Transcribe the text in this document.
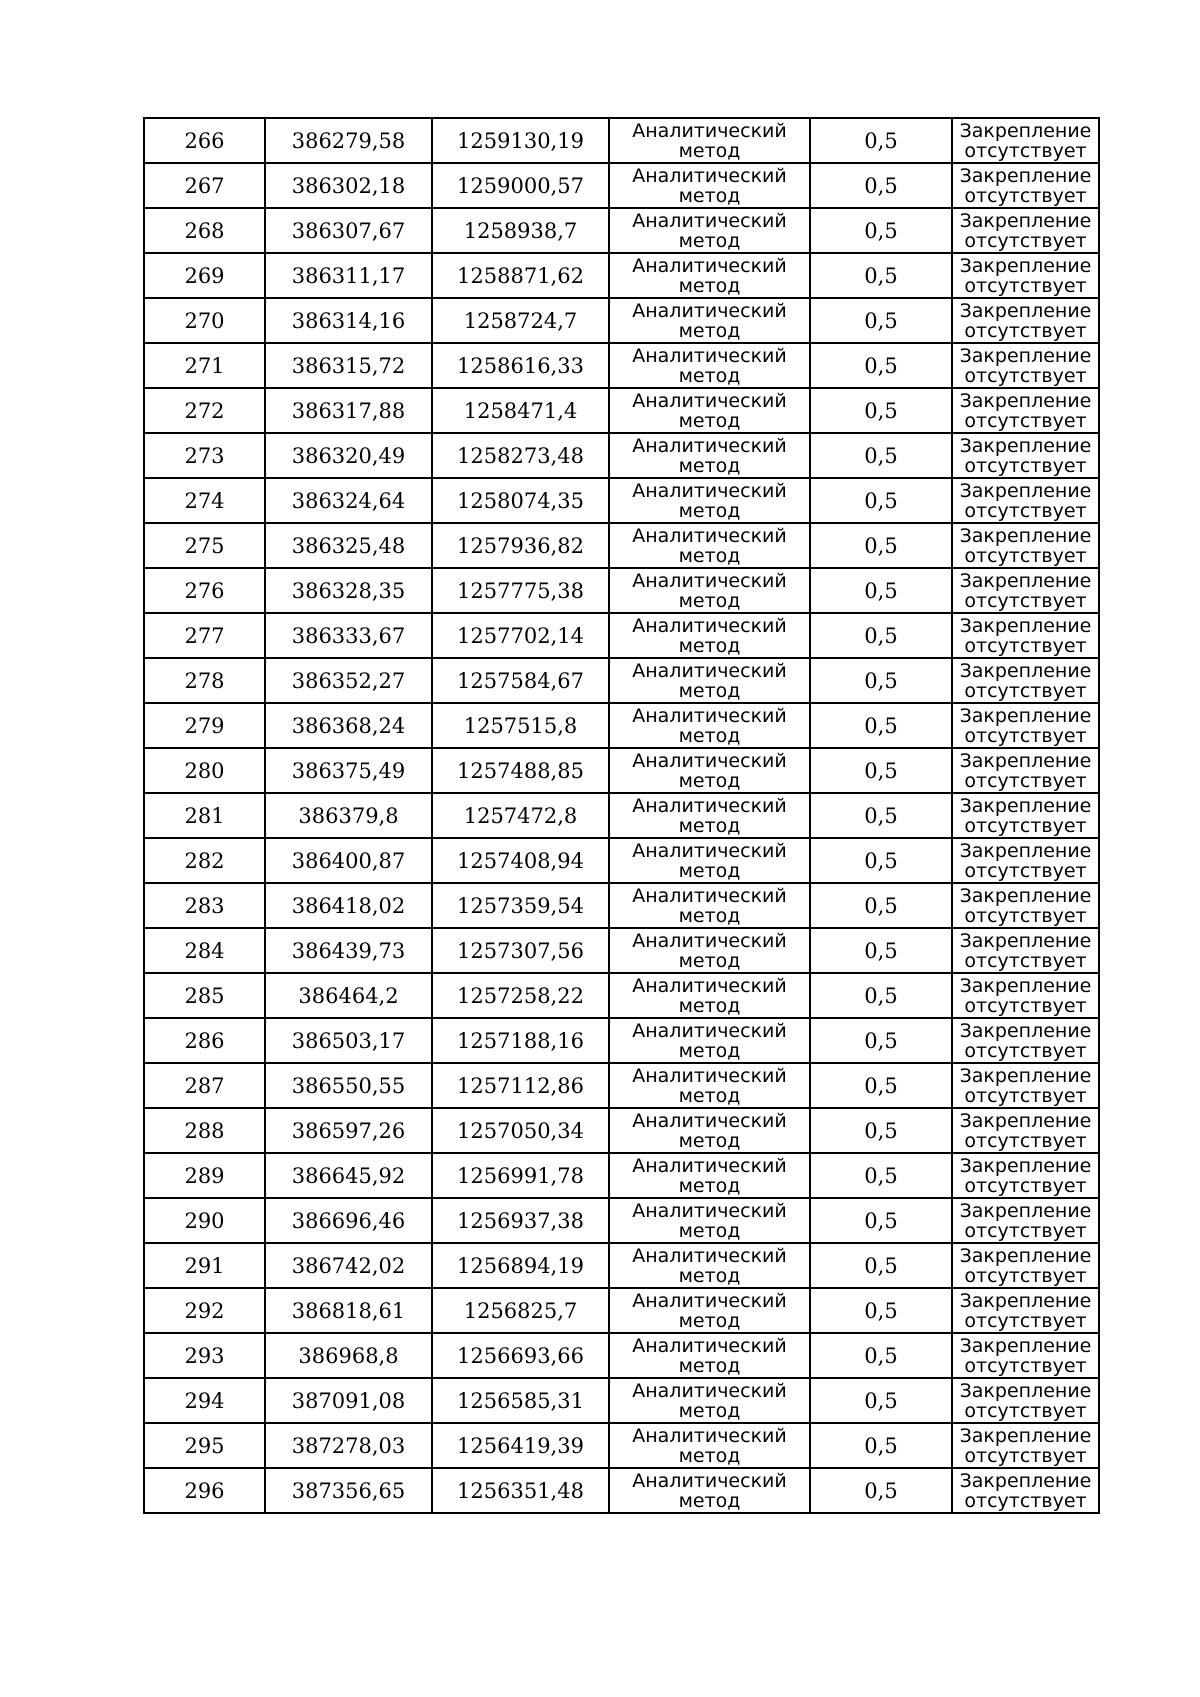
266	386279,58	1259130,19	Аналитический
метод	0,5	Закрепление
отсутствует

267	386302,18	1259000,57	Аналитический
метод	0,5	Закрепление
отсутствует

268	386307,67	1258938,7	Аналитический
метод	0,5	Закрепление
отсутствует

269	386311,17	1258871,62	Аналитический
метод	0,5	Закрепление
отсутствует

270	386314,16	1258724,7	Аналитический
метод	0,5	Закрепление
отсутствует

271	386315,72	1258616,33	Аналитический
метод	0,5	Закрепление
отсутствует

272	386317,88	1258471,4	Аналитический
метод	0,5	Закрепление
отсутствует

273	386320,49	1258273,48	Аналитический
метод	0,5	Закрепление
отсутствует

274	386324,64	1258074,35	Аналитический
метод	0,5	Закрепление
отсутствует

275	386325,48	1257936,82	Аналитический
метод	0,5	Закрепление
отсутствует

276	386328,35	1257775,38	Аналитический
метод	0,5	Закрепление
отсутствует

277	386333,67	1257702,14	Аналитический
метод	0,5	Закрепление
отсутствует

278	386352,27	1257584,67	Аналитический
метод	0,5	Закрепление
отсутствует

279	386368,24	1257515,8	Аналитический
метод	0,5	Закрепление
отсутствует

280	386375,49	1257488,85	Аналитический
метод	0,5	Закрепление
отсутствует

281	386379,8	1257472,8	Аналитический
метод	0,5	Закрепление
отсутствует

282	386400,87	1257408,94	Аналитический
метод	0,5	Закрепление
отсутствует

283	386418,02	1257359,54	Аналитический
метод	0,5	Закрепление
отсутствует

284	386439,73	1257307,56	Аналитический
метод	0,5	Закрепление
отсутствует

285	386464,2	1257258,22	Аналитический
метод	0,5	Закрепление
отсутствует

286	386503,17	1257188,16	Аналитический
метод	0,5	Закрепление
отсутствует

287	386550,55	1257112,86	Аналитический
метод	0,5	Закрепление
отсутствует

288	386597,26	1257050,34	Аналитический
метод	0,5	Закрепление
отсутствует

289	386645,92	1256991,78	Аналитический
метод	0,5	Закрепление
отсутствует

290	386696,46	1256937,38	Аналитический
метод	0,5	Закрепление
отсутствует

291	386742,02	1256894,19	Аналитический
метод	0,5	Закрепление
отсутствует

292	386818,61	1256825,7	Аналитический
метод	0,5	Закрепление
отсутствует

293	386968,8	1256693,66	Аналитический
метод	0,5	Закрепление
отсутствует

294	387091,08	1256585,31	Аналитический
метод	0,5	Закрепление
отсутствует

295	387278,03	1256419,39	Аналитический
метод	0,5	Закрепление
отсутствует

296	387356,65	1256351,48	Аналитический
метод	0,5	Закрепление
отсутствует
